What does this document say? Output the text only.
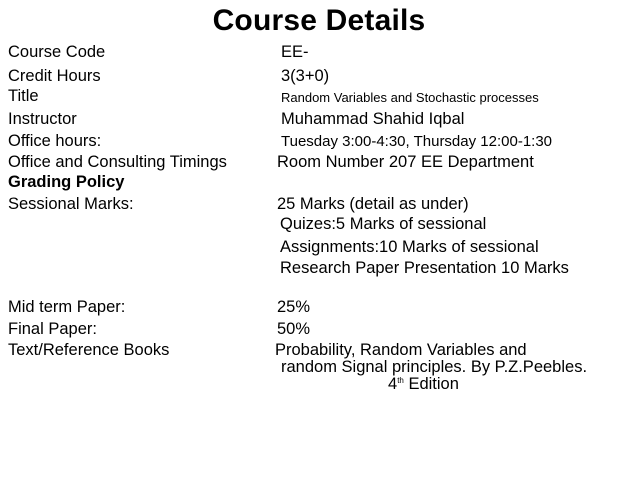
Course Details
Course Code	EE-
Credit Hours	3(3+0)
Title	Random Variables and Stochastic processes
Instructor	Muhammad Shahid Iqbal
Office hours:	Tuesday 3:00-4:30, Thursday 12:00-1:30
Office and Consulting Timings	Room Number 207 EE Department
Grading Policy
Sessional Marks:	25 Marks (detail as under)
Quizes:5 Marks of sessional
Assignments:10 Marks of sessional
Research Paper Presentation 10 Marks
Mid term Paper:	25%
Final Paper:	50%
Text/Reference Books	Probability, Random Variables and
random Signal principles. By P.Z.Peebles.
4th Edition
